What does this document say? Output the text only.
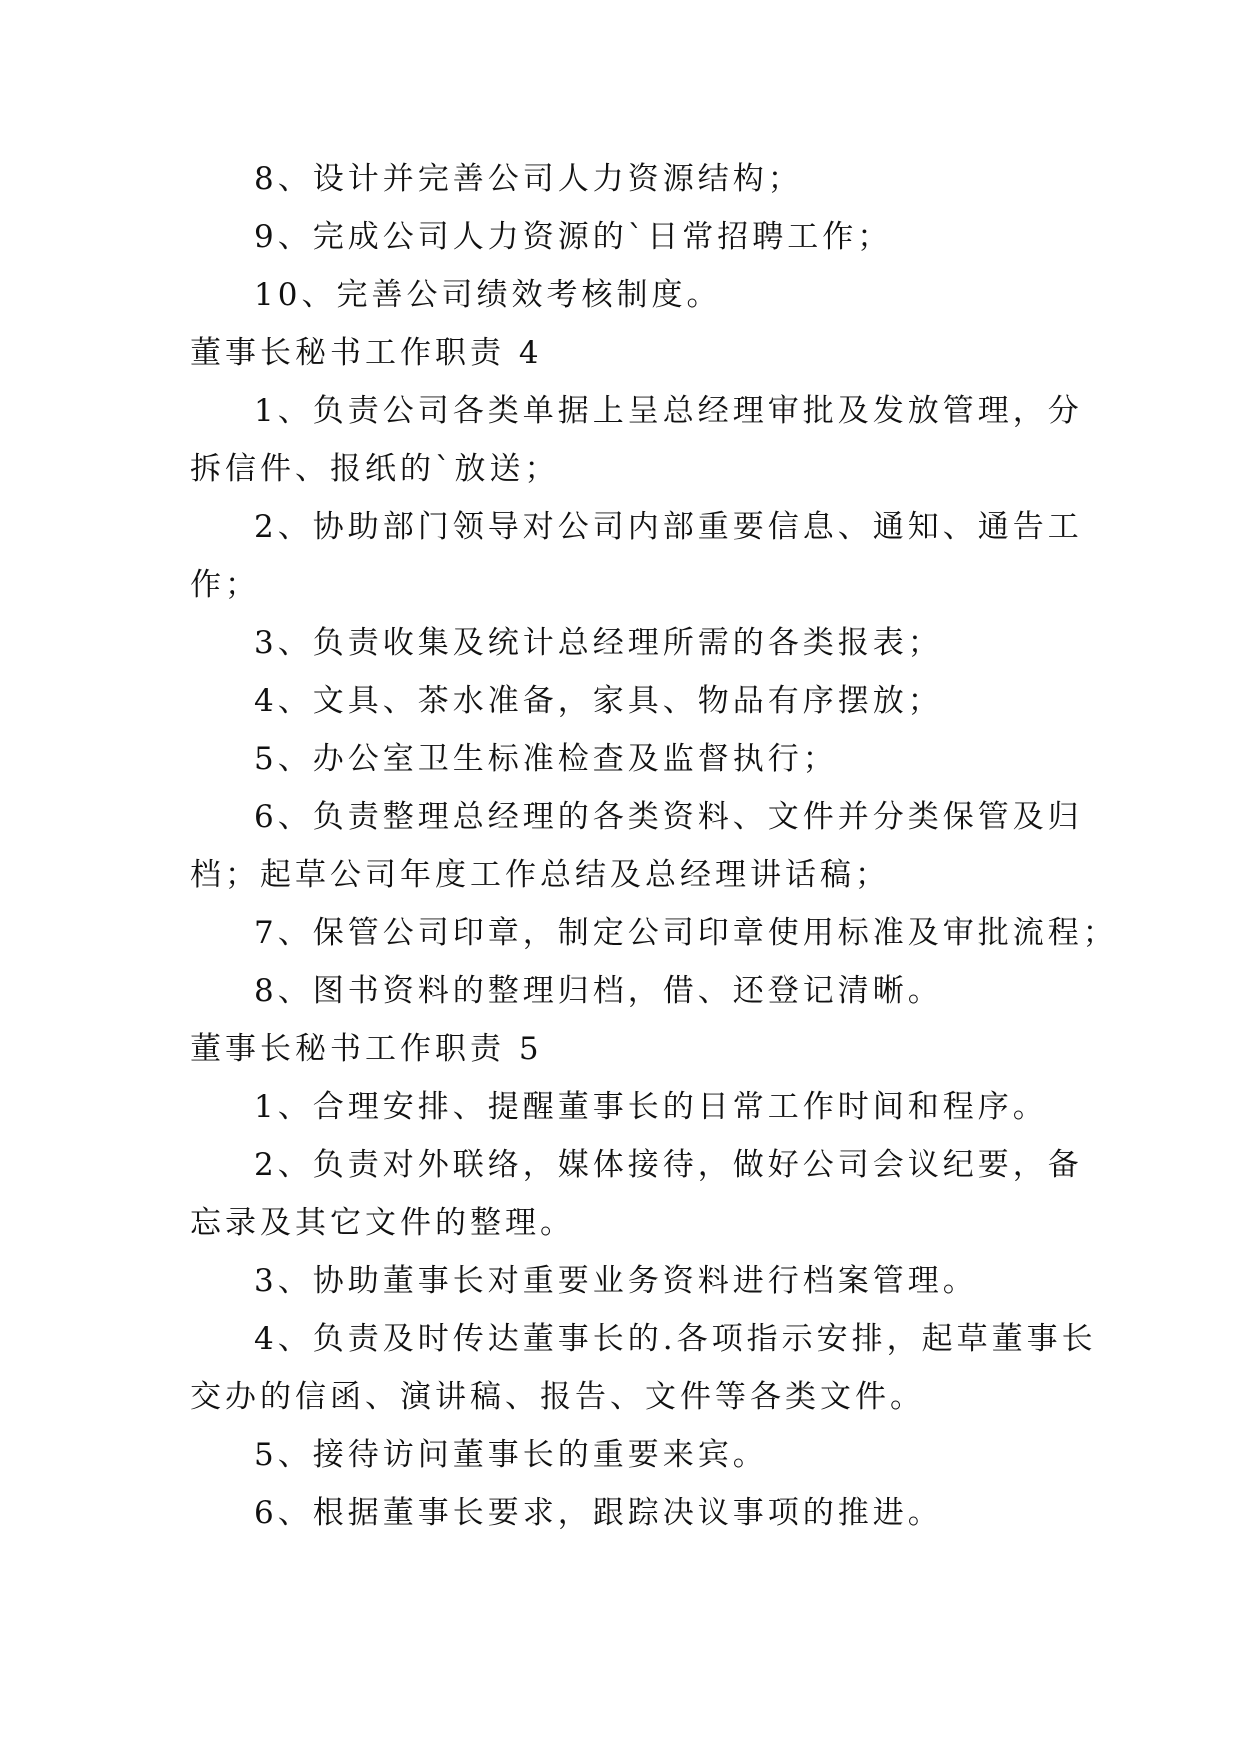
8、设计并完善公司人力资源结构；

9、完成公司人力资源的`日常招聘工作；

10、完善公司绩效考核制度。

董事长秘书工作职责 4

1、负责公司各类单据上呈总经理审批及发放管理，分

拆信件、报纸的`放送；

2、协助部门领导对公司内部重要信息、通知、通告工

作；

3、负责收集及统计总经理所需的各类报表；

4、文具、茶水准备，家具、物品有序摆放；

5、办公室卫生标准检查及监督执行；

6、负责整理总经理的各类资料、文件并分类保管及归

档；起草公司年度工作总结及总经理讲话稿；

7、保管公司印章，制定公司印章使用标准及审批流程；

8、图书资料的整理归档，借、还登记清晰。

董事长秘书工作职责 5

1、合理安排、提醒董事长的日常工作时间和程序。

2、负责对外联络，媒体接待，做好公司会议纪要，备

忘录及其它文件的整理。

3、协助董事长对重要业务资料进行档案管理。

4、负责及时传达董事长的.各项指示安排，起草董事长

交办的信函、演讲稿、报告、文件等各类文件。

5、接待访问董事长的重要来宾。

6、根据董事长要求，跟踪决议事项的推进。
